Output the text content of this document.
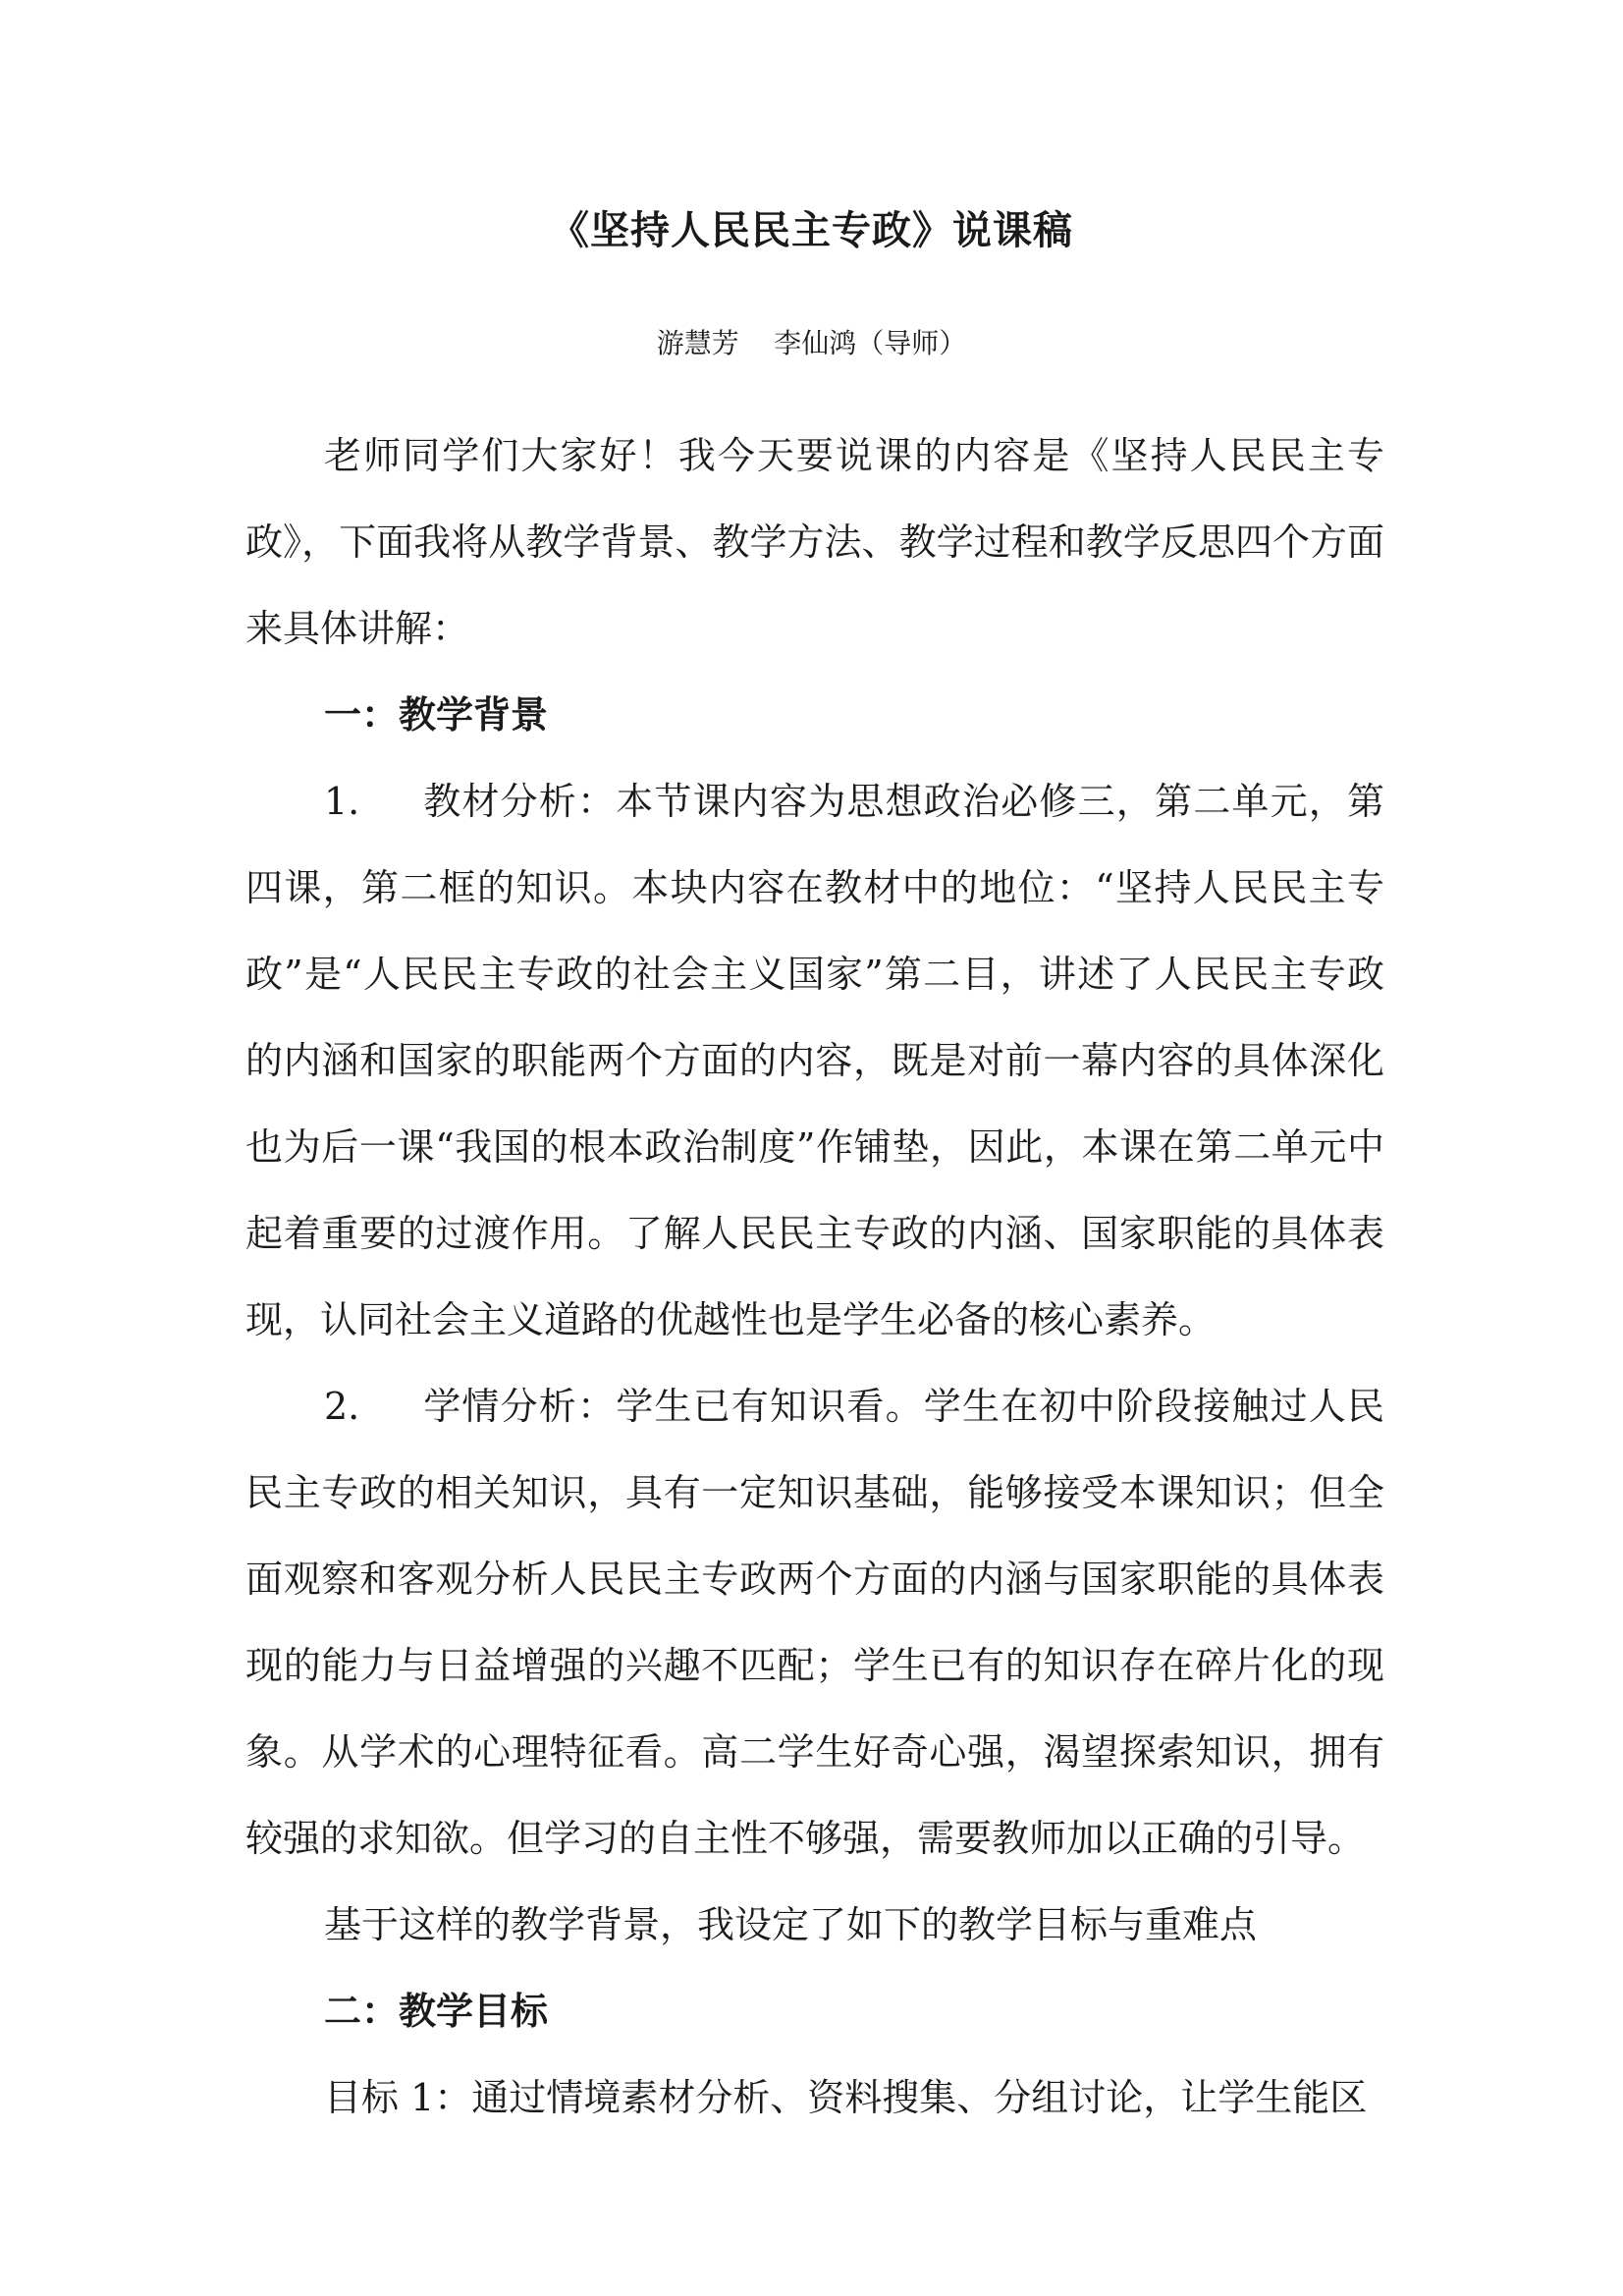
《坚持人民民主专政》说课稿
游慧芳    李仙鸿（导师）

老师同学们大家好！我今天要说课的内容是《坚持人民民主专政》，下面我将从教学背景、教学方法、教学过程和教学反思四个方面来具体讲解：

一：教学背景

1. 教材分析：本节课内容为思想政治必修三，第二单元，第四课，第二框的知识。本块内容在教材中的地位：“坚持人民民主专政”是“人民民主专政的社会主义国家”第二目，讲述了人民民主专政的内涵和国家的职能两个方面的内容，既是对前一幕内容的具体深化也为后一课“我国的根本政治制度”作铺垫，因此，本课在第二单元中起着重要的过渡作用。了解人民民主专政的内涵、国家职能的具体表现，认同社会主义道路的优越性也是学生必备的核心素养。

2. 学情分析：学生已有知识看。学生在初中阶段接触过人民民主专政的相关知识，具有一定知识基础，能够接受本课知识；但全面观察和客观分析人民民主专政两个方面的内涵与国家职能的具体表现的能力与日益增强的兴趣不匹配；学生已有的知识存在碎片化的现象。从学术的心理特征看。高二学生好奇心强，渴望探索知识，拥有较强的求知欲。但学习的自主性不够强，需要教师加以正确的引导。

基于这样的教学背景，我设定了如下的教学目标与重难点

二：教学目标

目标 1：通过情境素材分析、资料搜集、分组讨论，让学生能区
